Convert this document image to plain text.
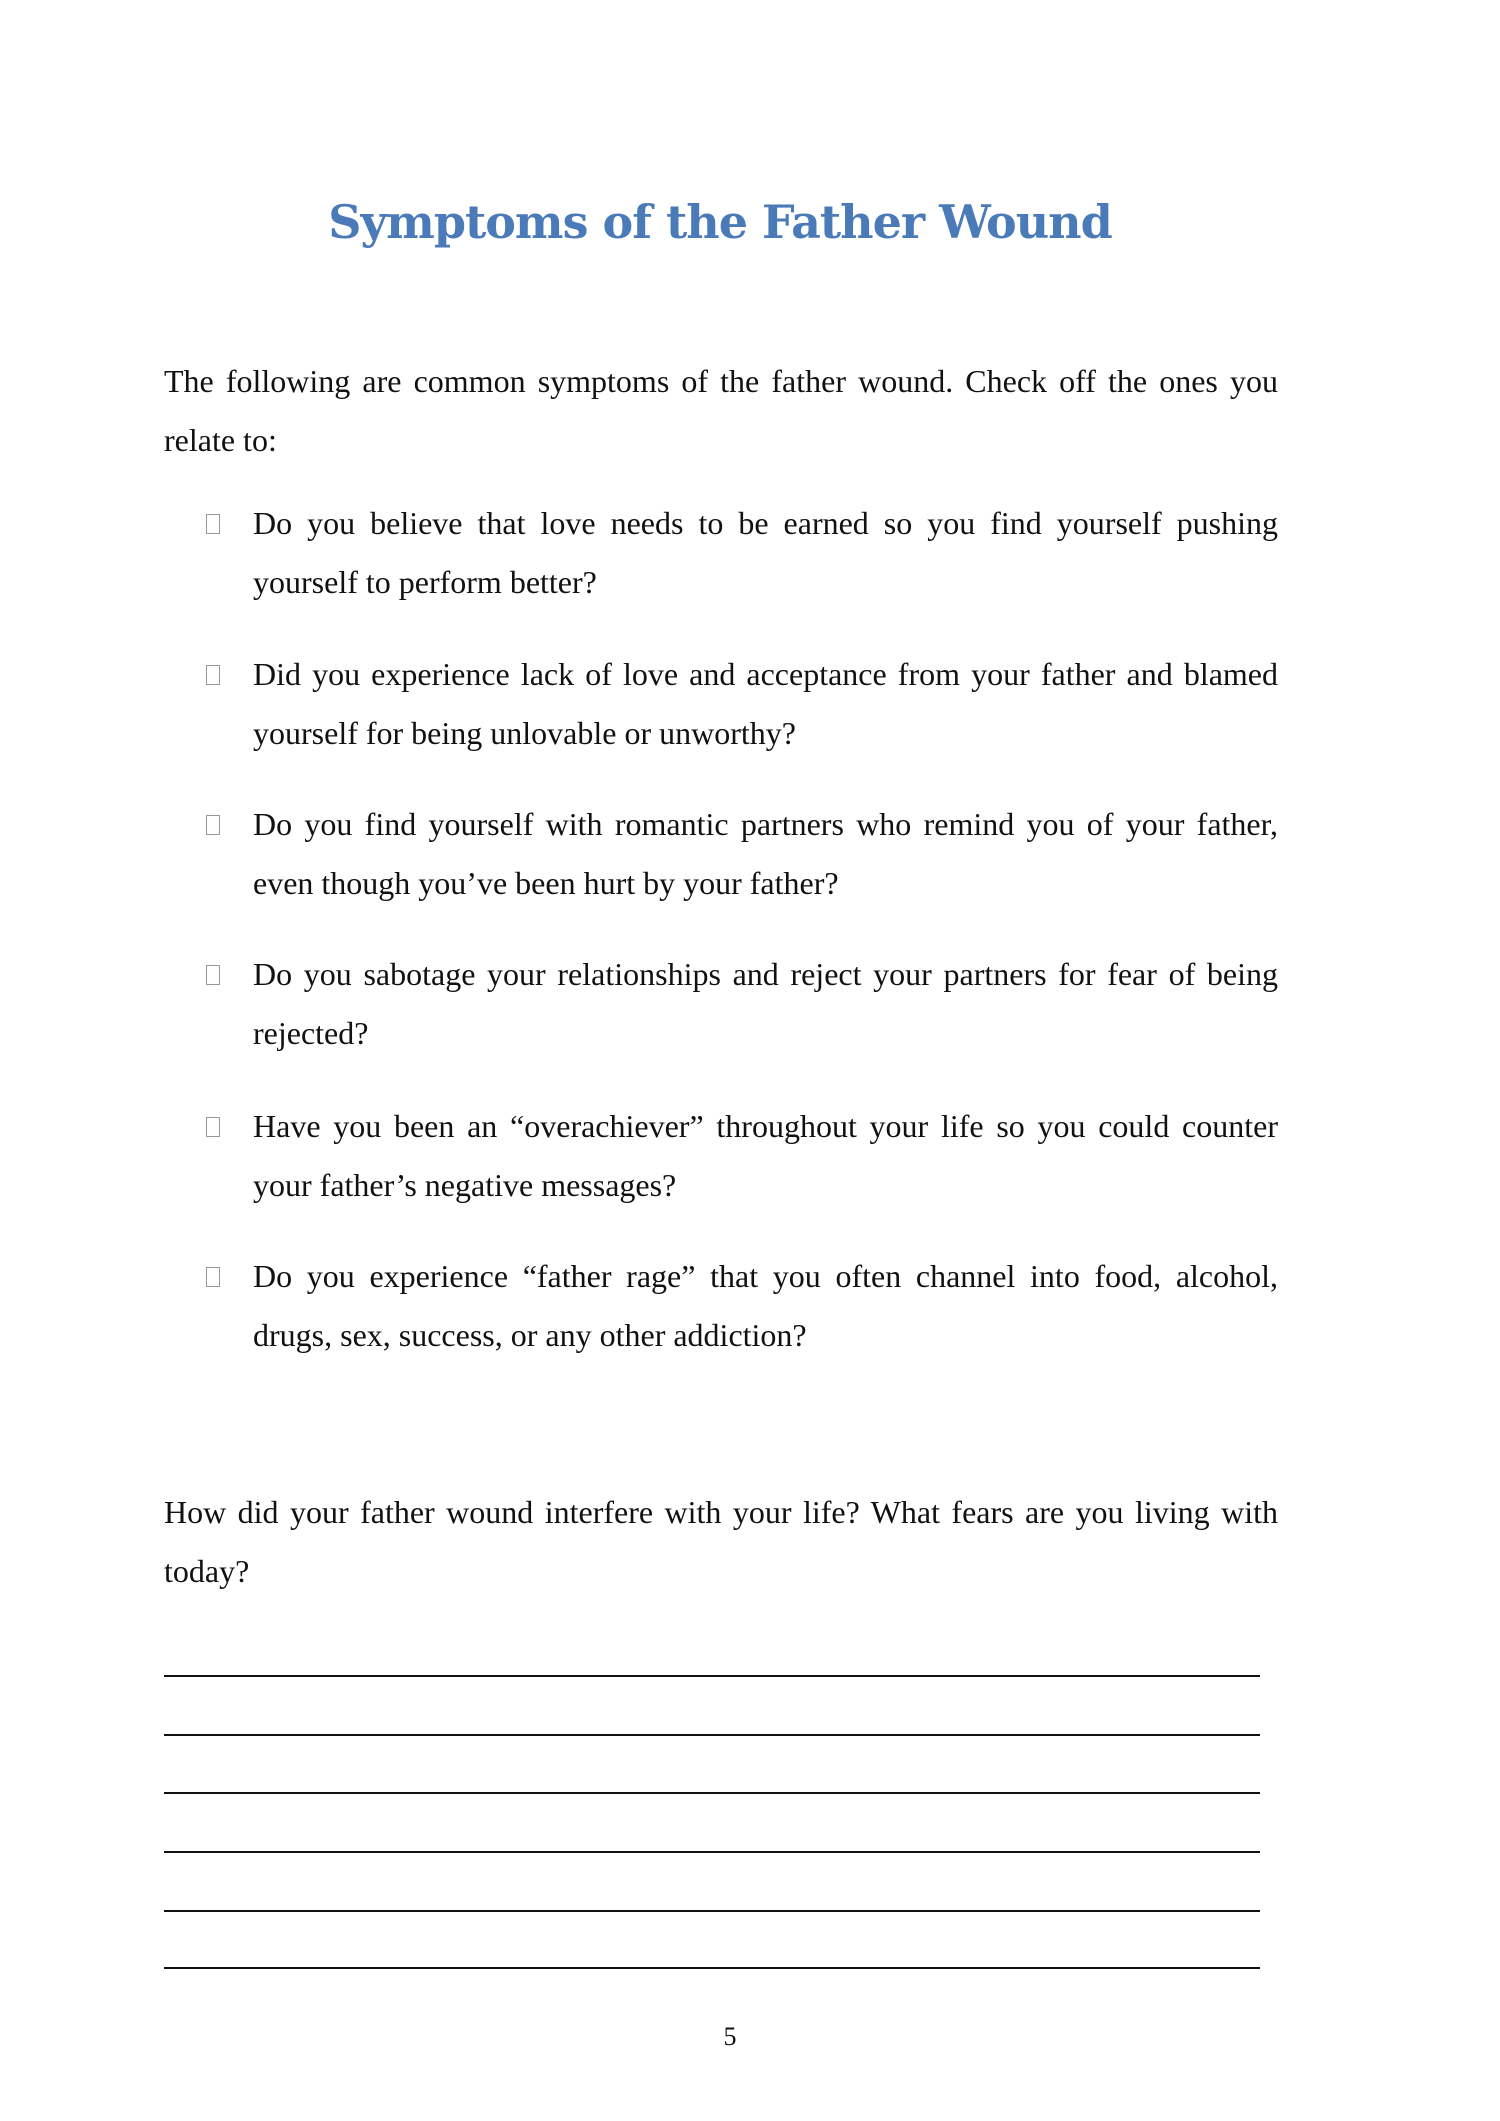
Symptoms of the Father Wound
The following are common symptoms of the father wound. Check off the ones you relate to:
Do you believe that love needs to be earned so you find yourself pushing yourself to perform better?
Did you experience lack of love and acceptance from your father and blamed yourself for being unlovable or unworthy?
Do you find yourself with romantic partners who remind you of your father, even though you’ve been hurt by your father?
Do you sabotage your relationships and reject your partners for fear of being rejected?
Have you been an “overachiever” throughout your life so you could counter your father’s negative messages?
Do you experience “father rage” that you often channel into food, alcohol, drugs, sex, success, or any other addiction?
How did your father wound interfere with your life? What fears are you living with today?
5
